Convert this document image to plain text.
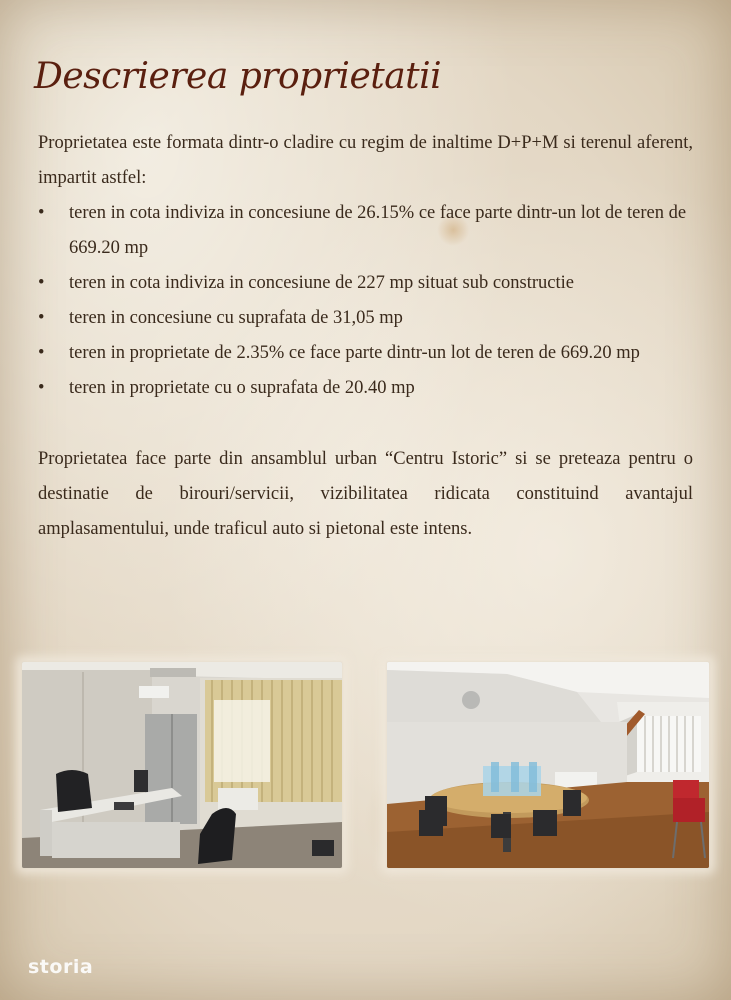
Descrierea proprietatii

Proprietatea este formata dintr-o cladire cu regim de inaltime D+P+M si terenul aferent, impartit astfel:

• teren in cota indiviza in concesiune de 26.15% ce face parte dintr-un lot de teren de 669.20 mp
• teren in cota indiviza in concesiune de 227 mp situat sub constructie
• teren in concesiune cu suprafata de 31,05 mp
• teren in proprietate de 2.35% ce face parte dintr-un lot de teren de 669.20 mp
• teren in proprietate cu o suprafata de 20.40 mp

Proprietatea face parte din ansamblul urban “Centru Istoric” si se preteaza pentru o destinatie de birouri/servicii, vizibilitatea ridicata constituind avantajul amplasamentului, unde traficul auto si pietonal este intens.

storia
